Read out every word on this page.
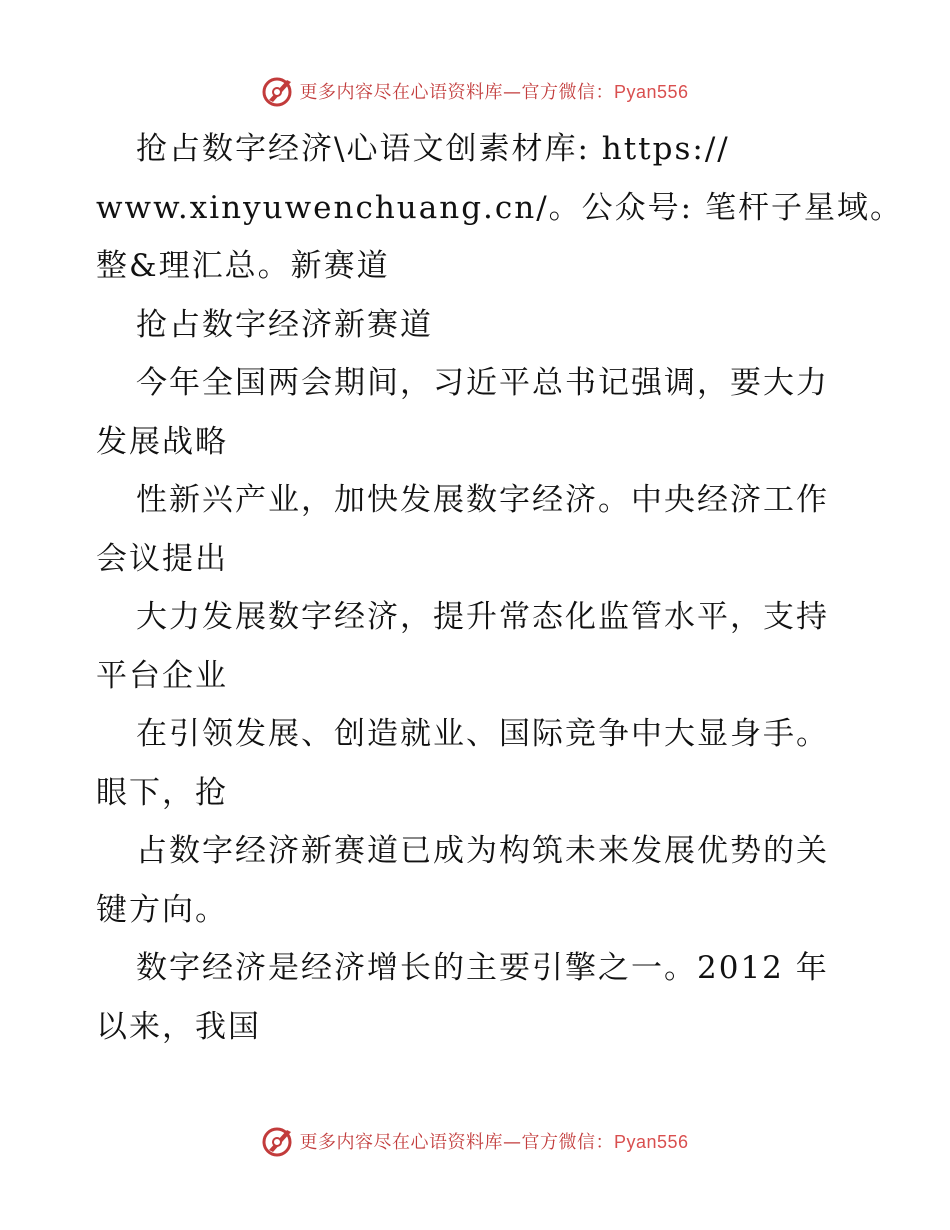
更多内容尽在心语资料库—官方微信：Pyan556
抢占数字经济\心语文创素材库: https://
www.xinyuwenchuang.cn/。公众号: 笔杆子星域。
整&理汇总。新赛道
抢占数字经济新赛道
今年全国两会期间，习近平总书记强调，要大力
发展战略
性新兴产业，加快发展数字经济。中央经济工作
会议提出
大力发展数字经济，提升常态化监管水平，支持
平台企业
在引领发展、创造就业、国际竞争中大显身手。
眼下，抢
占数字经济新赛道已成为构筑未来发展优势的关
键方向。
数字经济是经济增长的主要引擎之一。2012 年
以来，我国
更多内容尽在心语资料库—官方微信：Pyan556
